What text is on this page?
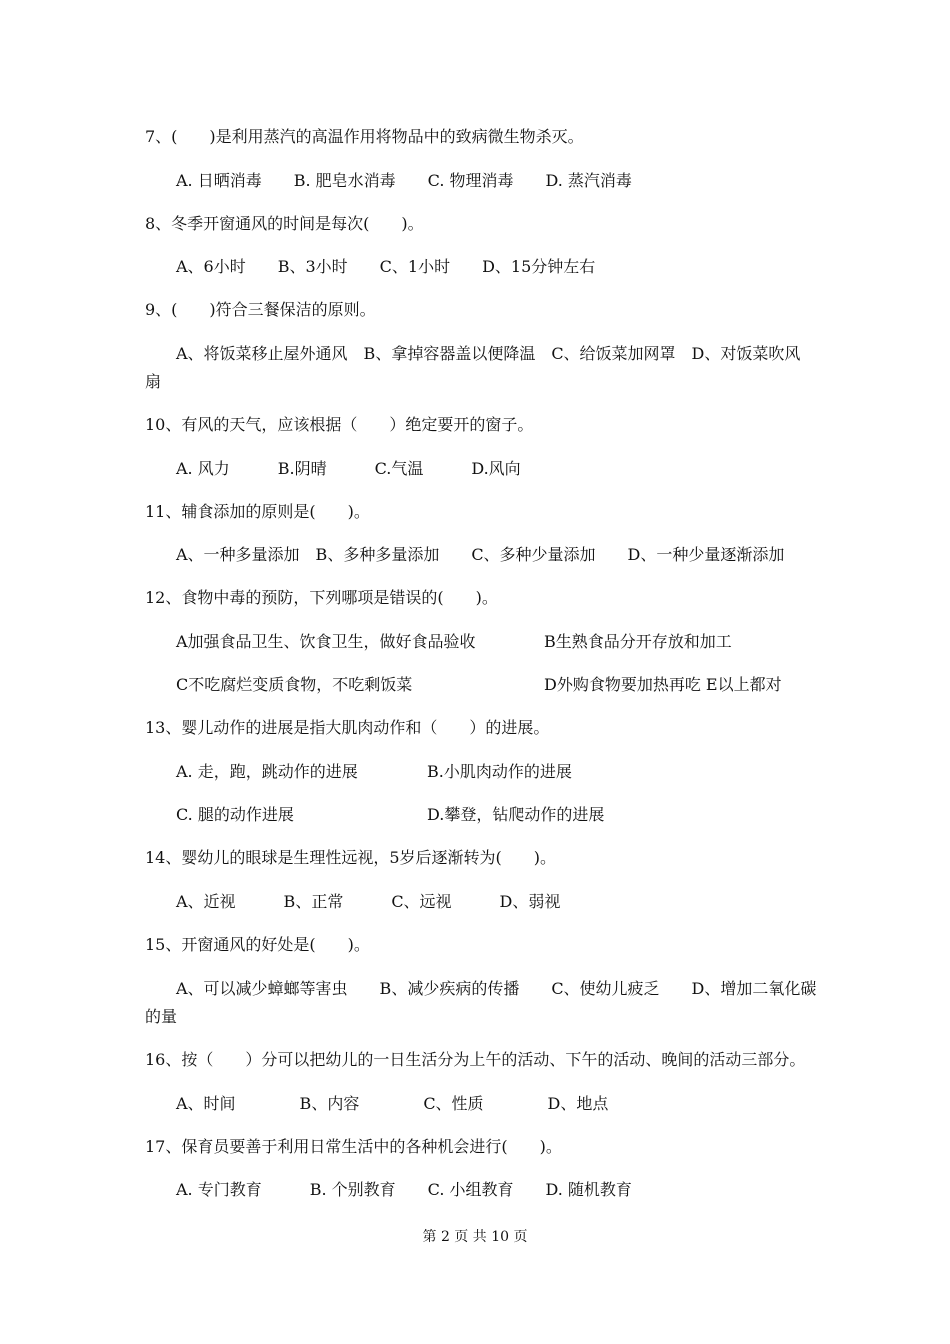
7、(　　)是利用蒸汽的高温作用将物品中的致病微生物杀灭。
A. 日晒消毒　　B. 肥皂水消毒　　C. 物理消毒　　D. 蒸汽消毒
8、冬季开窗通风的时间是每次(　　)。
A、6小时　　B、3小时　　C、1小时　　D、15分钟左右
9、(　　)符合三餐保洁的原则。
A、将饭菜移止屋外通风　B、拿掉容器盖以便降温　C、给饭菜加网罩　D、对饭菜吹风
扇
10、有风的天气，应该根据（　　）绝定要开的窗子。
A. 风力　　　B.阴晴　　　C.气温　　　D.风向
11、辅食添加的原则是(　　)。
A、一种多量添加　B、多种多量添加　　C、多种少量添加　　D、一种少量逐渐添加
12、食物中毒的预防，下列哪项是错误的(　　)。
A加强食品卫生、饮食卫生，做好食品验收	B生熟食品分开存放和加工
C不吃腐烂变质食物，不吃剩饭菜	D外购食物要加热再吃 E以上都对
13、婴儿动作的进展是指大肌肉动作和（　　）的进展。
A. 走，跑，跳动作的进展	B.小肌肉动作的进展
C. 腿的动作进展	D.攀登，钻爬动作的进展
14、婴幼儿的眼球是生理性远视，5岁后逐渐转为(　　)。
A、近视　　　B、正常　　　C、远视　　　D、弱视
15、开窗通风的好处是(　　)。
A、可以减少蟑螂等害虫　　B、减少疾病的传播　　C、使幼儿疲乏　　D、增加二氧化碳
的量
16、按（　　）分可以把幼儿的一日生活分为上午的活动、下午的活动、晚间的活动三部分。
A、时间　　　　B、内容　　　　C、性质　　　　D、地点
17、保育员要善于利用日常生活中的各种机会进行(　　)。
A. 专门教育　　　B. 个别教育　　C. 小组教育　　D. 随机教育
第 2 页 共 10 页
